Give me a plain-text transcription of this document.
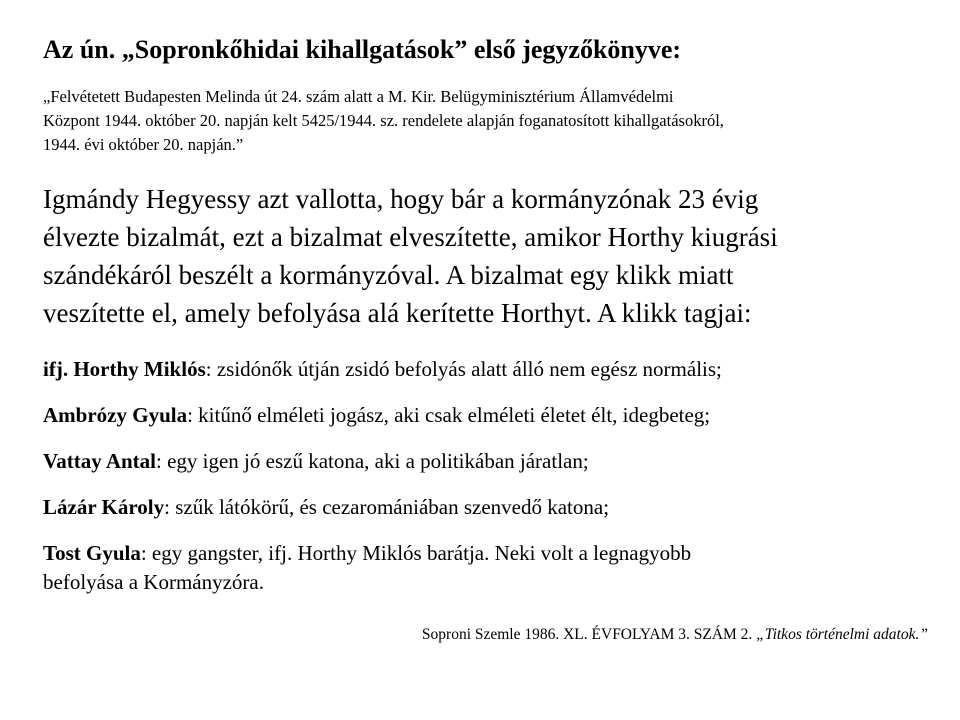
Az ún. „Sopronkőhidai kihallgatások” első jegyzőkönyve:

„Felvétetett Budapesten Melinda út 24. szám alatt a M. Kir. Belügyminisztérium Államvédelmi
Központ 1944. október 20. napján kelt 5425/1944. sz. rendelete alapján foganatosított kihallgatásokról,
1944. évi október 20. napján.”

Igmándy Hegyessy azt vallotta, hogy bár a kormányzónak 23 évig
élvezte bizalmát, ezt a bizalmat elveszítette, amikor Horthy kiugrási
szándékáról beszélt a kormányzóval. A bizalmat egy klikk miatt
veszítette el, amely befolyása alá kerítette Horthyt. A klikk tagjai:

ifj. Horthy Miklós: zsidónők útján zsidó befolyás alatt álló nem egész normális;
Ambrózy Gyula: kitűnő elméleti jogász, aki csak elméleti életet élt, idegbeteg;
Vattay Antal: egy igen jó eszű katona, aki a politikában járatlan;
Lázár Károly: szűk látókörű, és cezaromániában szenvedő katona;
Tost Gyula: egy gangster, ifj. Horthy Miklós barátja. Neki volt a legnagyobb
befolyása a Kormányzóra.

Soproni Szemle 1986. XL. ÉVFOLYAM 3. SZÁM 2. „Titkos történelmi adatok.”
